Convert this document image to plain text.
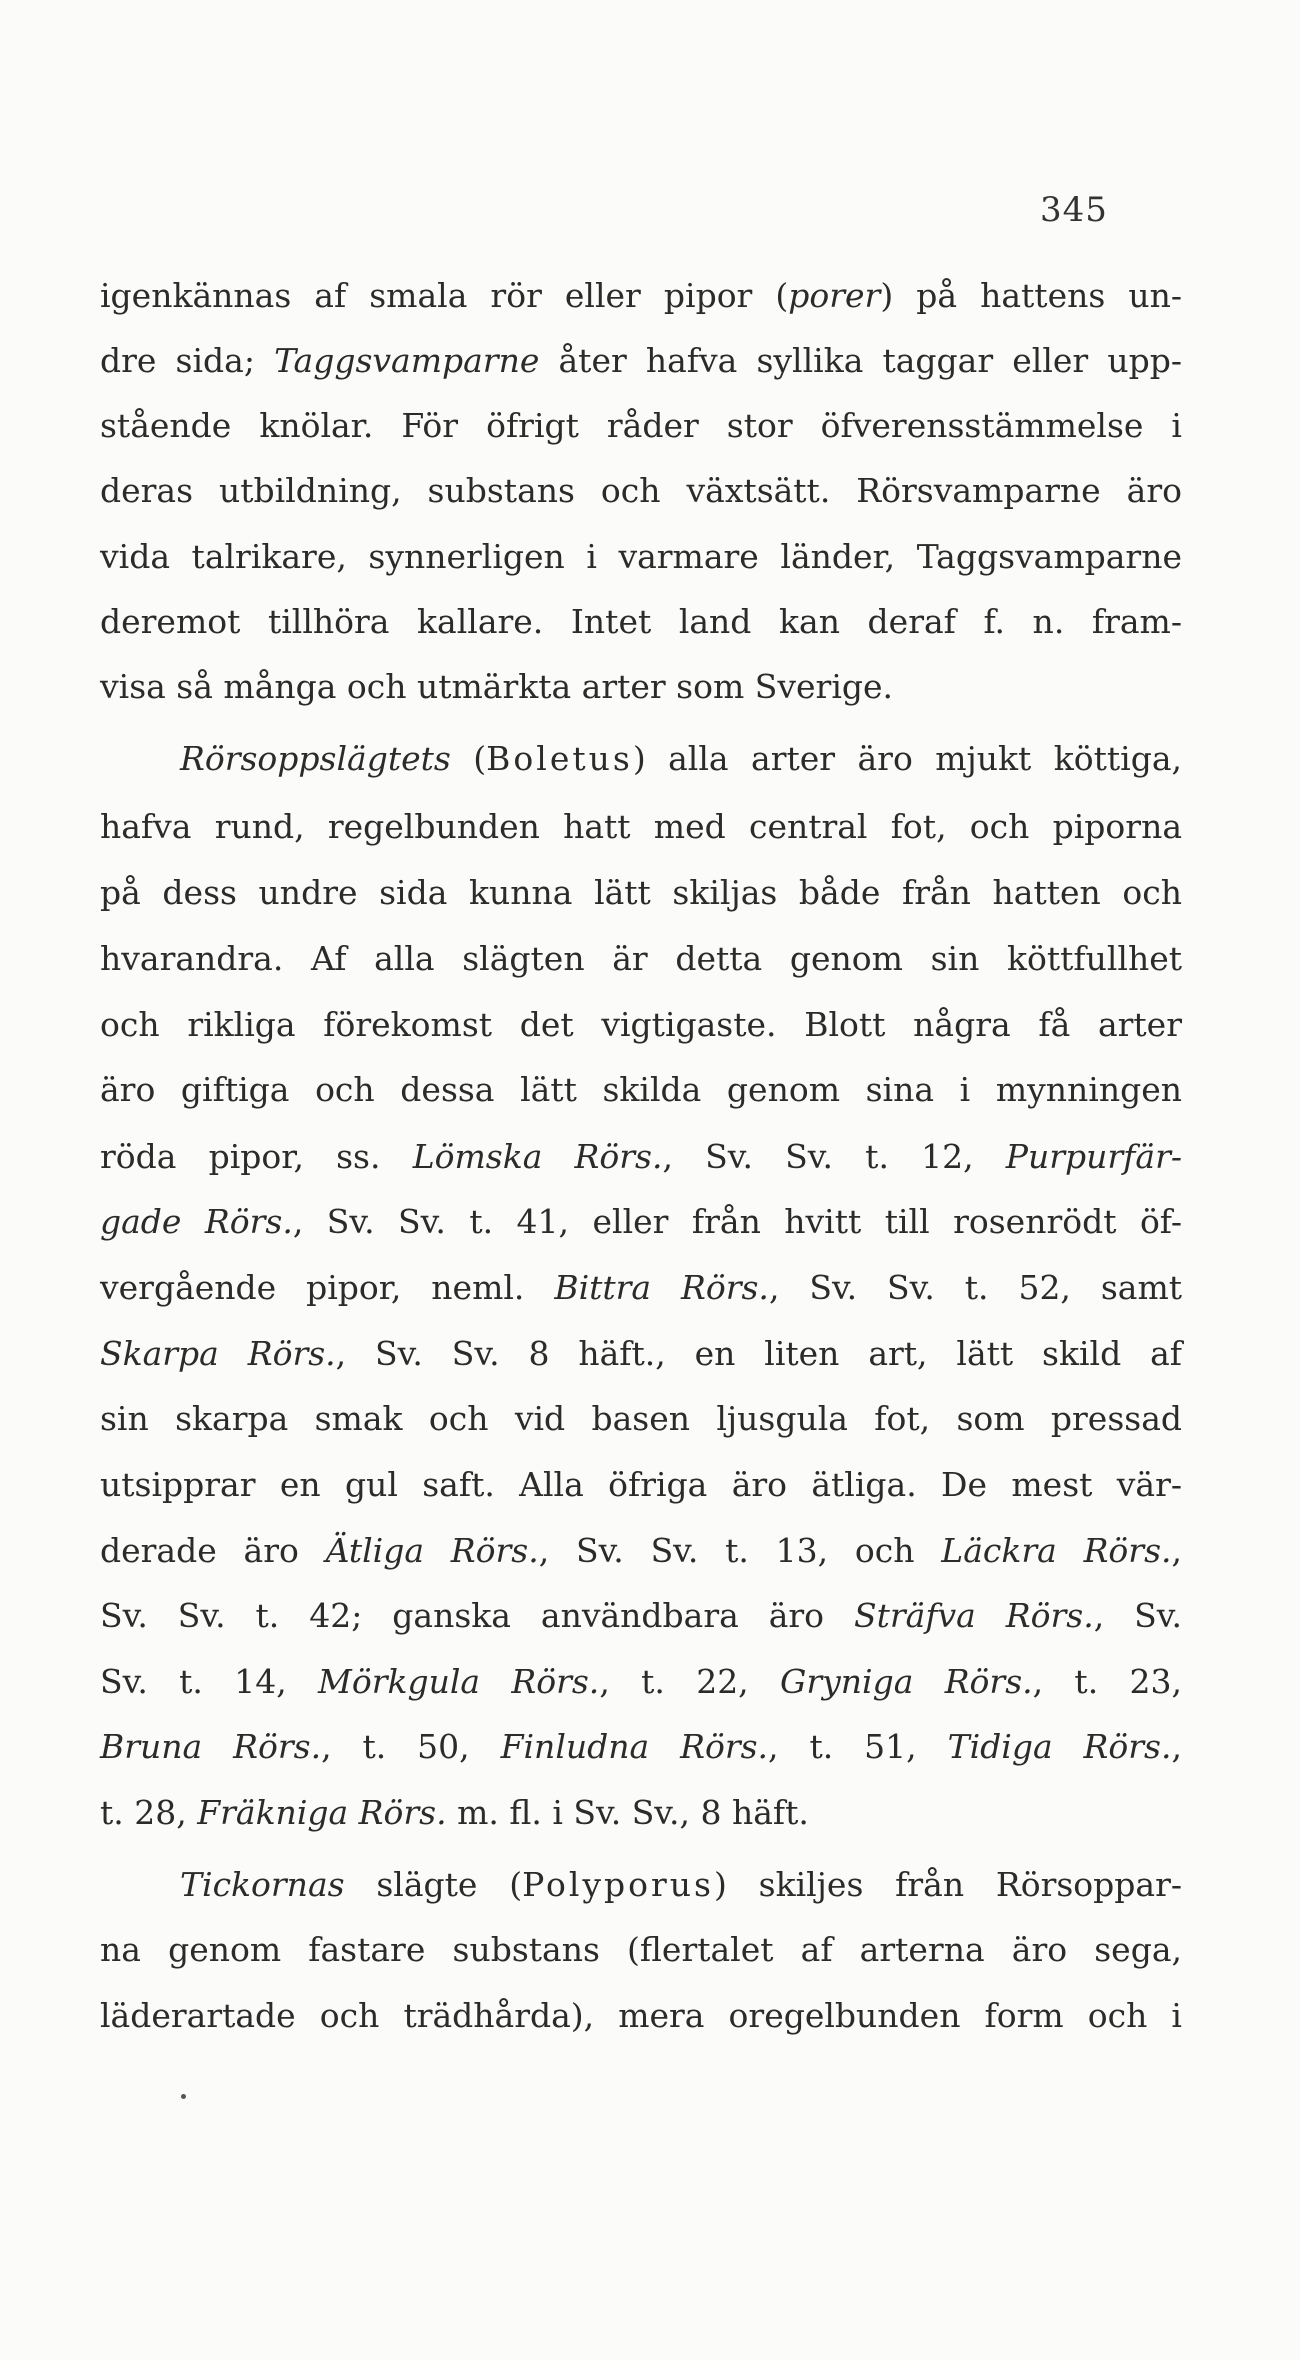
345
igenkännas af smala rör eller pipor (porer) på hattens un-
dre sida; Taggsvamparne åter hafva syllika taggar eller upp-
stående knölar. För öfrigt råder stor öfverensstämmelse i
deras utbildning, substans och växtsätt. Rörsvamparne äro
vida talrikare, synnerligen i varmare länder, Taggsvamparne
deremot tillhöra kallare. Intet land kan deraf f. n. fram-
visa så många och utmärkta arter som Sverige.
Rörsoppslägtets (Boletus) alla arter äro mjukt köttiga,
hafva rund, regelbunden hatt med central fot, och piporna
på dess undre sida kunna lätt skiljas både från hatten och
hvarandra. Af alla slägten är detta genom sin köttfullhet
och rikliga förekomst det vigtigaste. Blott några få arter
äro giftiga och dessa lätt skilda genom sina i mynningen
röda pipor, ss. Lömska Rörs., Sv. Sv. t. 12, Purpurfär-
gade Rörs., Sv. Sv. t. 41, eller från hvitt till rosenrödt öf-
vergående pipor, neml. Bittra Rörs., Sv. Sv. t. 52, samt
Skarpa Rörs., Sv. Sv. 8 häft., en liten art, lätt skild af
sin skarpa smak och vid basen ljusgula fot, som pressad
utsipprar en gul saft. Alla öfriga äro ätliga. De mest vär-
derade äro Ätliga Rörs., Sv. Sv. t. 13, och Läckra Rörs.,
Sv. Sv. t. 42; ganska användbara äro Sträfva Rörs., Sv.
Sv. t. 14, Mörkgula Rörs., t. 22, Gryniga Rörs., t. 23,
Bruna Rörs., t. 50, Finludna Rörs., t. 51, Tidiga Rörs.,
t. 28, Fräkniga Rörs. m. fl. i Sv. Sv., 8 häft.
Tickornas slägte (Polyporus) skiljes från Rörsoppar-
na genom fastare substans (flertalet af arterna äro sega,
läderartade och trädhårda), mera oregelbunden form och i
